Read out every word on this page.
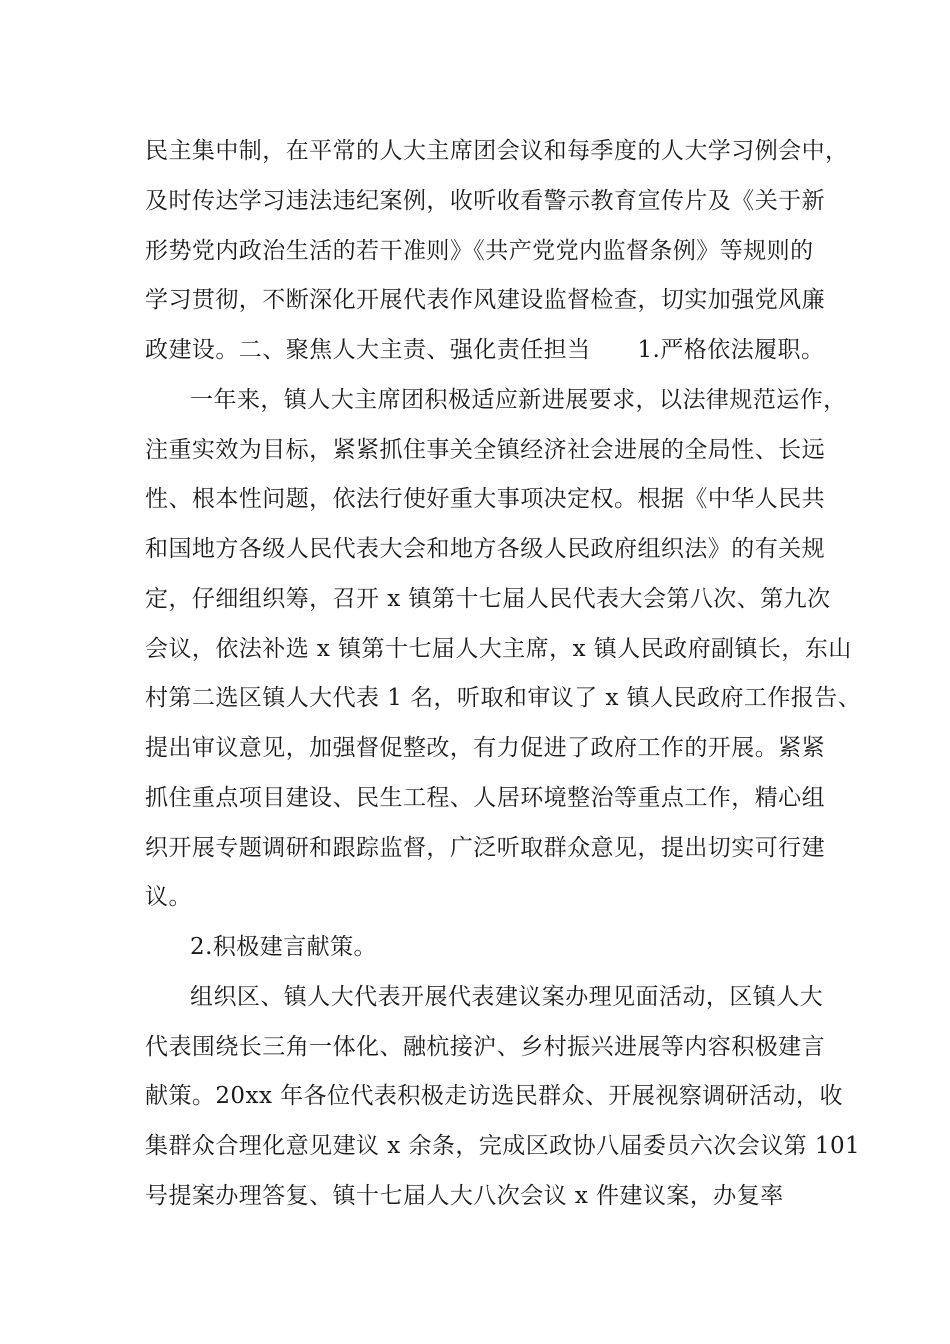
民主集中制，在平常的人大主席团会议和每季度的人大学习例会中，
及时传达学习违法违纪案例，收听收看警示教育宣传片及《关于新
形势党内政治生活的若干准则》《共产党党内监督条例》等规则的
学习贯彻，不断深化开展代表作风建设监督检查，切实加强党风廉
政建设。二、聚焦人大主责、强化责任担当　　1.严格依法履职。
一年来，镇人大主席团积极适应新进展要求，以法律规范运作，
注重实效为目标，紧紧抓住事关全镇经济社会进展的全局性、长远
性、根本性问题，依法行使好重大事项决定权。根据《中华人民共
和国地方各级人民代表大会和地方各级人民政府组织法》的有关规
定，仔细组织筹，召开 x 镇第十七届人民代表大会第八次、第九次
会议，依法补选 x 镇第十七届人大主席，x 镇人民政府副镇长，东山
村第二选区镇人大代表 1 名，听取和审议了 x 镇人民政府工作报告、
提出审议意见，加强督促整改，有力促进了政府工作的开展。紧紧
抓住重点项目建设、民生工程、人居环境整治等重点工作，精心组
织开展专题调研和跟踪监督，广泛听取群众意见，提出切实可行建
议。
2.积极建言献策。
组织区、镇人大代表开展代表建议案办理见面活动，区镇人大
代表围绕长三角一体化、融杭接沪、乡村振兴进展等内容积极建言
献策。20xx 年各位代表积极走访选民群众、开展视察调研活动，收
集群众合理化意见建议 x 余条，完成区政协八届委员六次会议第 101
号提案办理答复、镇十七届人大八次会议 x 件建议案，办复率
